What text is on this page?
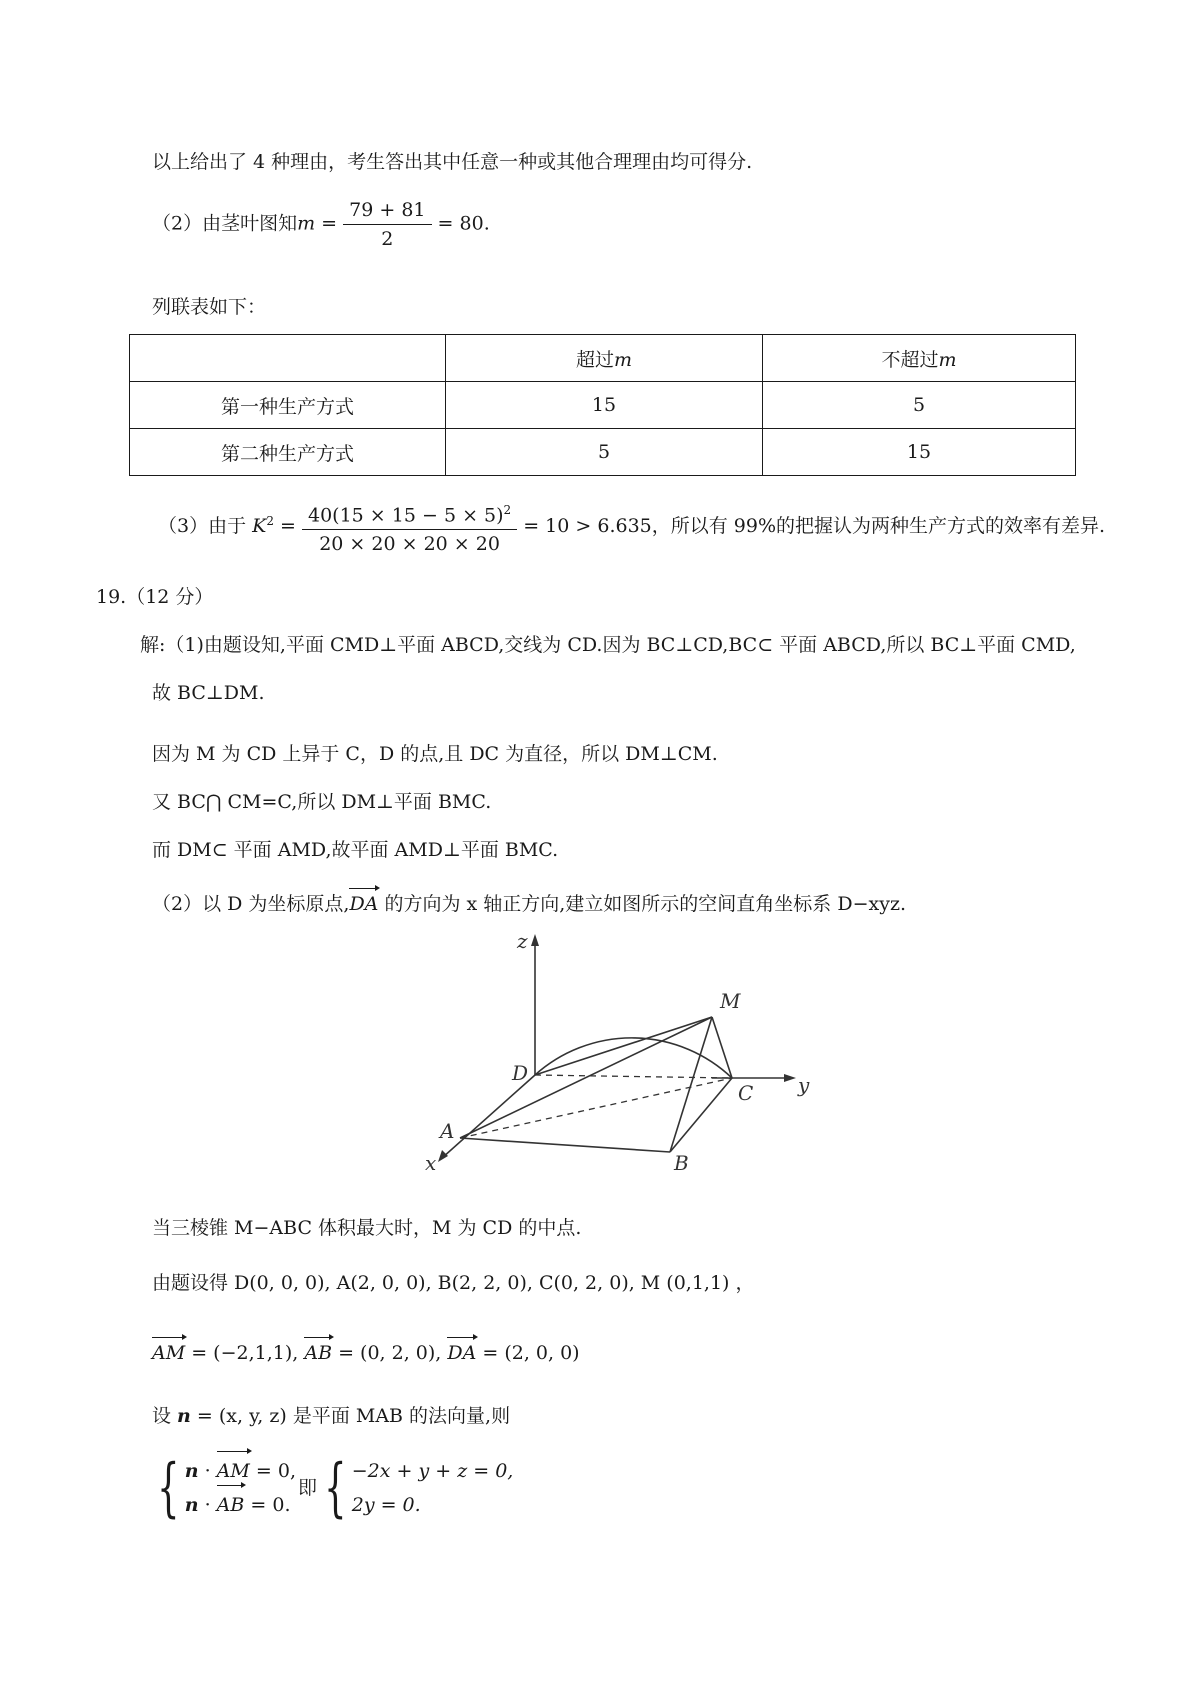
以上给出了 4 种理由，考生答出其中任意一种或其他合理理由均可得分.
（2）由茎叶图知$m = \frac{79 + 81}{2} = 80$.
列联表如下：
	超过m	不超过m
第一种生产方式	15	5
第二种生产方式	5	15
（3）由于 $K^2 = \frac{40(15 \times 15 - 5 \times 5)^2}{20 \times 20 \times 20 \times 20} = 10 > 6.635$，所以有 99%的把握认为两种生产方式的效率有差异.
19.（12 分）
解:（1)由题设知,平面 CMD⊥平面 ABCD,交线为 CD.因为 BC⊥CD,BC⊂ 平面 ABCD,所以 BC⊥平面 CMD,
故 BC⊥DM.
因为 M 为 CD 上异于 C，D 的点,且 DC 为直径，所以 DM⊥CM.
又 BC⋂ CM=C,所以 DM⊥平面 BMC.
而 DM⊂ 平面 AMD,故平面 AMD⊥平面 BMC.
（2）以 D 为坐标原点,DA 的方向为 x 轴正方向,建立如图所示的空间直角坐标系 D−xyz.
z
y
x
M
D
C
A
B
当三棱锥 M−ABC 体积最大时，M 为 CD 的中点.
由题设得 D(0, 0, 0), A(2, 0, 0), B(2, 2, 0), C(0, 2, 0), M (0,1,1) ，
AM = (−2,1,1), AB = (0, 2, 0), DA = (2, 0, 0)
设 n = (x, y, z) 是平面 MAB 的法向量,则
{ n · AM = 0,
n · AB = 0.
即 { −2x + y + z = 0,
2y = 0.
